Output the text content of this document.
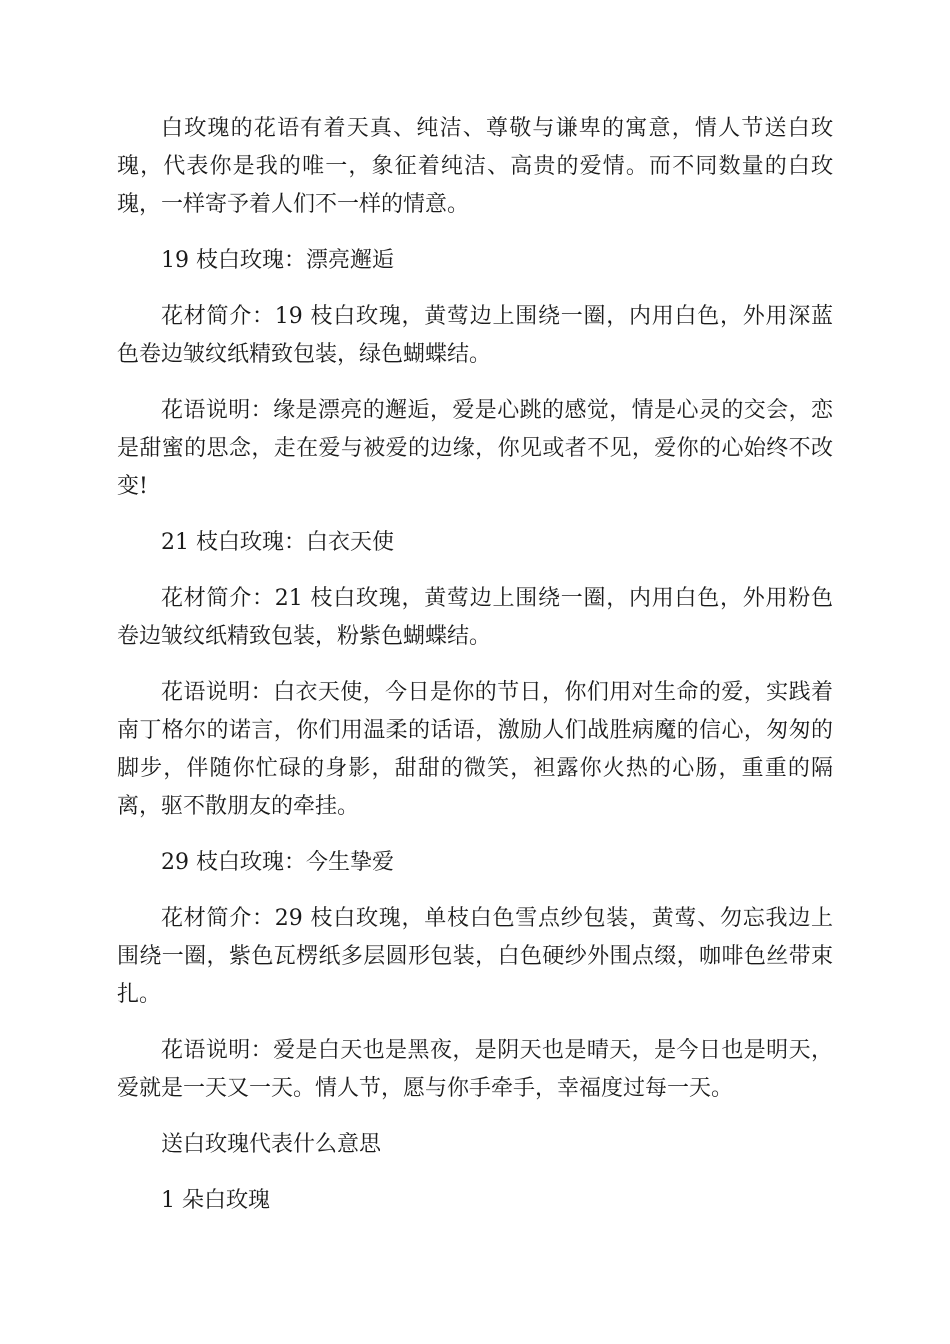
白玫瑰的花语有着天真、纯洁、尊敬与谦卑的寓意，情人节送白玫瑰，代表你是我的唯一，象征着纯洁、高贵的爱情。而不同数量的白玫瑰，一样寄予着人们不一样的情意。

19 枝白玫瑰：漂亮邂逅

花材简介：19 枝白玫瑰，黄莺边上围绕一圈，内用白色，外用深蓝色卷边皱纹纸精致包装，绿色蝴蝶结。

花语说明：缘是漂亮的邂逅，爱是心跳的感觉，情是心灵的交会，恋是甜蜜的思念，走在爱与被爱的边缘，你见或者不见，爱你的心始终不改变!

21 枝白玫瑰：白衣天使

花材简介：21 枝白玫瑰，黄莺边上围绕一圈，内用白色，外用粉色卷边皱纹纸精致包装，粉紫色蝴蝶结。

花语说明：白衣天使，今日是你的节日，你们用对生命的爱，实践着南丁格尔的诺言，你们用温柔的话语，激励人们战胜病魔的信心，匆匆的脚步，伴随你忙碌的身影，甜甜的微笑，袒露你火热的心肠，重重的隔离，驱不散朋友的牵挂。

29 枝白玫瑰：今生挚爱

花材简介：29 枝白玫瑰，单枝白色雪点纱包装，黄莺、勿忘我边上围绕一圈，紫色瓦楞纸多层圆形包装，白色硬纱外围点缀，咖啡色丝带束扎。

花语说明：爱是白天也是黑夜，是阴天也是晴天，是今日也是明天，爱就是一天又一天。情人节，愿与你手牵手，幸福度过每一天。

送白玫瑰代表什么意思

1 朵白玫瑰
